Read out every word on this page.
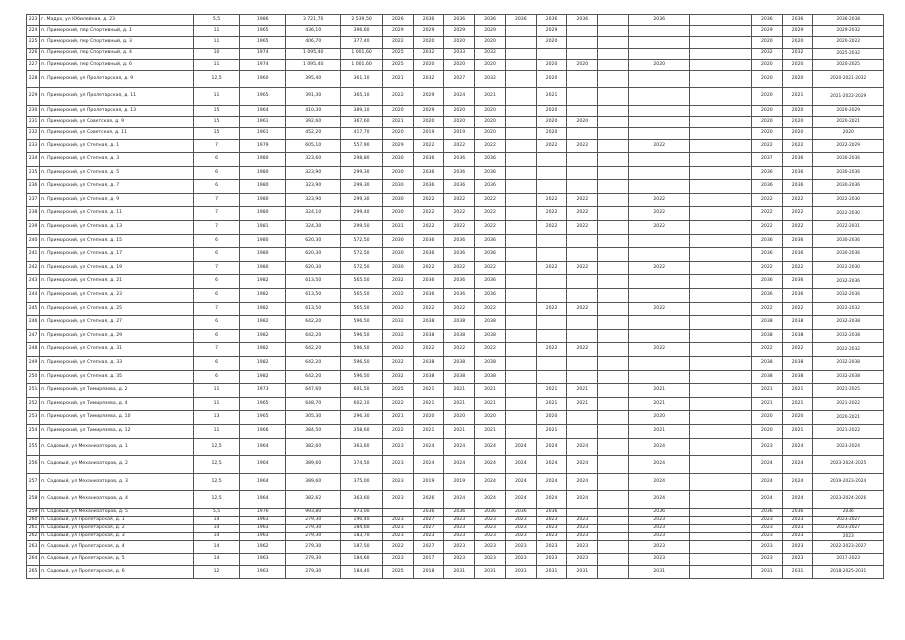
223	г. Мадрх, ул Юбилейная, д. 23	5,5	1986	3 721,70	2 539,50	2026	2036	2036	2036	2036	2036	2036		2036		2036	2036	2036-2038
224	п. Приморский, пер Спортивный, д. 1	11	1965	436,10	396,60	2029	2029	2029	2029		2029					2029	2029	2029-2032
225	п. Приморский, пер Спортивный, д. 3	11	1965	406,70	377,40	2022	2020	2020	2020		2020					2020	2020	2020-2022
226	п. Приморский, пер Спортивный, д. 4	10	1974	1 095,40	1 001,60	2025	2032	2033	2032							2032	2032	2025-2032
227	п. Приморский, пер Спортивный, д. 6	11	1974	1 095,40	1 001,60	2025	2020	2020	2020		2020	2020		2020		2020	2020	2020-2025
228	п. Приморский, ул Пролетарская, д. 9	12,5	1960	395,40	361,10	2021	2032	2027	2032		2020					2020	2020	2020-2021-2032
229	п. Приморский, ул Пролетарская, д. 11	11	1965	391,30	365,10	2022	2029	2024	2021		2021					2020	2021	2021-2022-2029
230	п. Приморский, ул Пролетарская, д. 13	15	1964	410,30	389,10	2020	2029	2020	2020		2020					2020	2020	2020-2029
231	п. Приморский, ул Советская, д. 9	15	1961	392,60	367,60	2021	2020	2020	2020		2020	2020				2020	2020	2020-2021
232	п. Приморский, ул Советская, д. 11	15	1961	452,20	417,70	2020	2019	2019	2020		2020					2020	2020	2020
233	п. Приморский, ул Степная, д. 1	7	1979	605,10	557,90	2029	2022	2022	2022		2022	2022		2022		2022	2022	2022-2029
234	п. Приморский, ул Степная, д. 3	6	1980	323,60	298,80	2030	2036	2036	2036							2037	2036	2030-2036
235	п. Приморский, ул Степная, д. 5	6	1980	323,90	299,30	2030	2036	2036	2036							2036	2036	2030-2036
236	п. Приморский, ул Степная, д. 7	6	1980	323,90	299,30	2030	2036	2036	2036							2036	2036	2030-2036
237	п. Приморский, ул Степная, д. 9	7	1980	323,90	299,30	2030	2022	2022	2022		2022	2022		2022		2022	2022	2022-2030
238	п. Приморский, ул Степная, д. 11	7	1980	324,10	299,40	2030	2022	2022	2022		2022	2022		2022		2022	2022	2022-2030
239	п. Приморский, ул Степная, д. 13	7	1981	324,30	299,50	2031	2022	2022	2022		2022	2022		2022		2022	2022	2022-2031
240	п. Приморский, ул Степная, д. 15	6	1980	620,30	572,50	2030	2036	2036	2036							2036	2036	2030-2036
241	п. Приморский, ул Степная, д. 17	6	1980	620,30	572,50	2030	2036	2036	2036							2036	2036	2030-2036
242	п. Приморский, ул Степная, д. 19	7	1980	620,30	572,50	2030	2022	2022	2022		2022	2022		2022		2022	2022	2022-2030
243	п. Приморский, ул Степная, д. 21	6	1982	613,50	565,50	2032	2036	2036	2036							2036	2036	2032-2036
244	п. Приморский, ул Степная, д. 23	6	1982	613,50	565,50	2032	2036	2036	2036							2036	2036	2032-2036
245	п. Приморский, ул Степная, д. 25	7	1982	613,50	565,50	2032	2022	2022	2022		2022	2022		2022		2022	2022	2022-2032
246	п. Приморский, ул Степная, д. 27	6	1982	642,20	596,50	2032	2038	2038	2038							2038	2038	2032-2038
247	п. Приморский, ул Степная, д. 29	6	1982	642,20	596,50	2032	2038	2038	2038							2038	2038	2032-2038
248	п. Приморский, ул Степная, д. 31	7	1982	642,20	596,50	2032	2022	2022	2022		2022	2022		2022		2022	2022	2022-2032
249	п. Приморский, ул Степная, д. 33	6	1982	642,20	596,50	2032	2038	2038	2038							2038	2038	2032-2038
250	п. Приморский, ул Степная, д. 35	6	1982	642,20	596,50	2032	2038	2038	2038							2038	2038	2032-2038
251	п. Приморский, ул Тимирязева, д. 2	11	1973	647,60	601,50	2025	2021	2021	2021		2021	2021		2021		2021	2021	2021-2025
252	п. Приморский, ул Тимирязева, д. 4	11	1965	648,70	602,10	2022	2021	2021	2021		2021	2021		2021		2021	2021	2021-2022
253	п. Приморский, ул Тимирязева, д. 10	13	1965	305,30	296,30	2021	2020	2020	2020		2020			2020		2020	2020	2020-2021
254	п. Приморский, ул Тимирязева, д. 12	11	1966	384,50	358,60	2022	2021	2021	2021		2021			2021		2020	2021	2021-2022
255	п. Садовый, ул Механизаторов, д. 1	12,5	1964	382,60	363,60	2023	2024	2024	2024	2024	2024	2024		2024		2023	2024	2023-2024
256	п. Садовый, ул Механизаторов, д. 2	12,5	1964	389,60	374,50	2023	2024	2024	2024	2024	2024	2024		2024		2024	2024	2023-2024-2025
257	п. Садовый, ул Механизаторов, д. 3	12,5	1964	389,60	375,00	2023	2019	2019	2024	2024	2024	2024		2024		2024	2024	2019-2023-2024
258	п. Садовый, ул Механизаторов, д. 4	12,5	1964	382,62	363,60	2023	2026	2024	2024	2024	2024	2024		2024		2024	2024	2023-2024-2026
259	п. Садовый, ул Механизаторов, д. 5	5,5	1976	993,80	973,00		2036	2036	2036	2036	2036			2036		2036	2036	2036
260	п. Садовый, ул Пролетарская, д. 1	14	1963	279,30	190,40	2023	2027	2023	2023	2023	2023	2023		2023		2023	2023	2023-2027
261	п. Садовый, ул Пролетарская, д. 2	14	1963	279,30	184,60	2023	2027	2023	2023	2023	2023	2023		2023		2023	2023	2023-2027
262	п. Садовый, ул Пролетарская, д. 3	14	1963	279,30	183,70	2023	2023	2023	2023	2023	2023	2023		2023		2023	2023	2023
263	п. Садовый, ул Пролетарская, д. 4	14	1962	279,30	187,50	2022	2027	2023	2023	2023	2023	2023		2023		2023	2023	2022-2023-2027
264	п. Садовый, ул Пролетарская, д. 5	14	1963	279,30	184,60	2023	2017	2023	2023	2023	2023	2023		2023		2023	2023	2017-2023
265	п. Садовый, ул Пролетарская, д. 6	12	1963	279,30	184,40	2025	2018	2031	2031	2031	2031	2031		2031		2031	2031	2018-2025-2031
